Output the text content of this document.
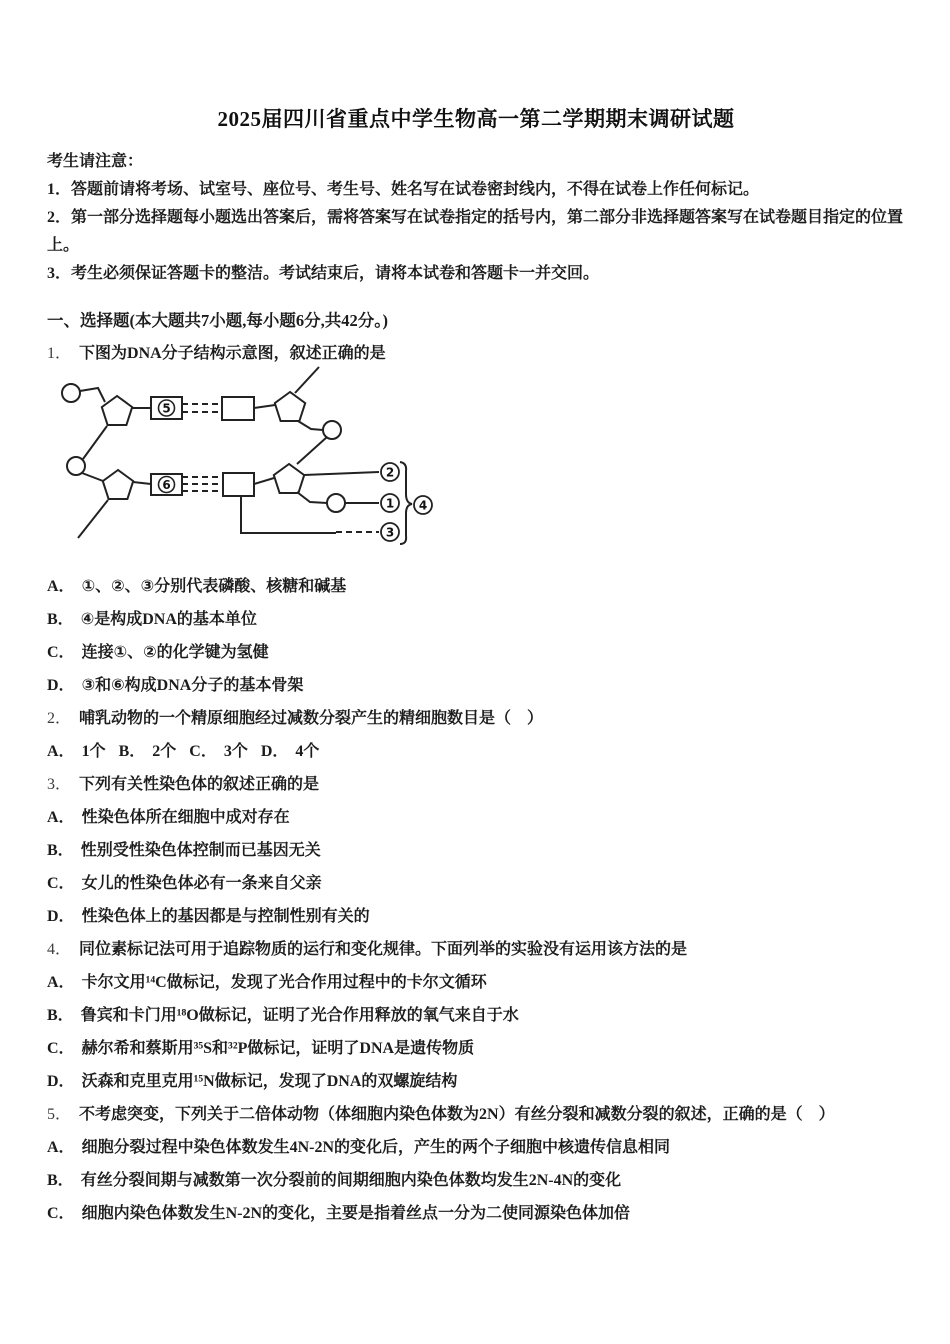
2025届四川省重点中学生物高一第二学期期末调研试题
考生请注意：
1．答题前请将考场、试室号、座位号、考生号、姓名写在试卷密封线内，不得在试卷上作任何标记。
2．第一部分选择题每小题选出答案后，需将答案写在试卷指定的括号内，第二部分非选择题答案写在试卷题目指定的位置上。
3．考生必须保证答题卡的整洁。考试结束后，请将本试卷和答题卡一并交回。
一、选择题(本大题共7小题,每小题6分,共42分。)
1． 下图为DNA分子结构示意图，叙述正确的是
5
6
2
1
3
4
A． ①、②、③分别代表磷酸、核糖和碱基
B． ④是构成DNA的基本单位
C． 连接①、②的化学键为氢健
D． ③和⑥构成DNA分子的基本骨架
2． 哺乳动物的一个精原细胞经过减数分裂产生的精细胞数目是（　）
A． 1个 B． 2个 C． 3个 D． 4个
3． 下列有关性染色体的叙述正确的是
A． 性染色体所在细胞中成对存在
B． 性别受性染色体控制而已基因无关
C． 女儿的性染色体必有一条来自父亲
D． 性染色体上的基因都是与控制性别有关的
4． 同位素标记法可用于追踪物质的运行和变化规律。下面列举的实验没有运用该方法的是
A． 卡尔文用¹⁴C做标记，发现了光合作用过程中的卡尔文循环
B． 鲁宾和卡门用¹⁸O做标记，证明了光合作用释放的氧气来自于水
C． 赫尔希和蔡斯用³⁵S和³²P做标记，证明了DNA是遗传物质
D． 沃森和克里克用¹⁵N做标记，发现了DNA的双螺旋结构
5． 不考虑突变，下列关于二倍体动物（体细胞内染色体数为2N）有丝分裂和减数分裂的叙述，正确的是（　）
A． 细胞分裂过程中染色体数发生4N-2N的变化后，产生的两个子细胞中核遗传信息相同
B． 有丝分裂间期与减数第一次分裂前的间期细胞内染色体数均发生2N-4N的变化
C． 细胞内染色体数发生N-2N的变化，主要是指着丝点一分为二使同源染色体加倍
